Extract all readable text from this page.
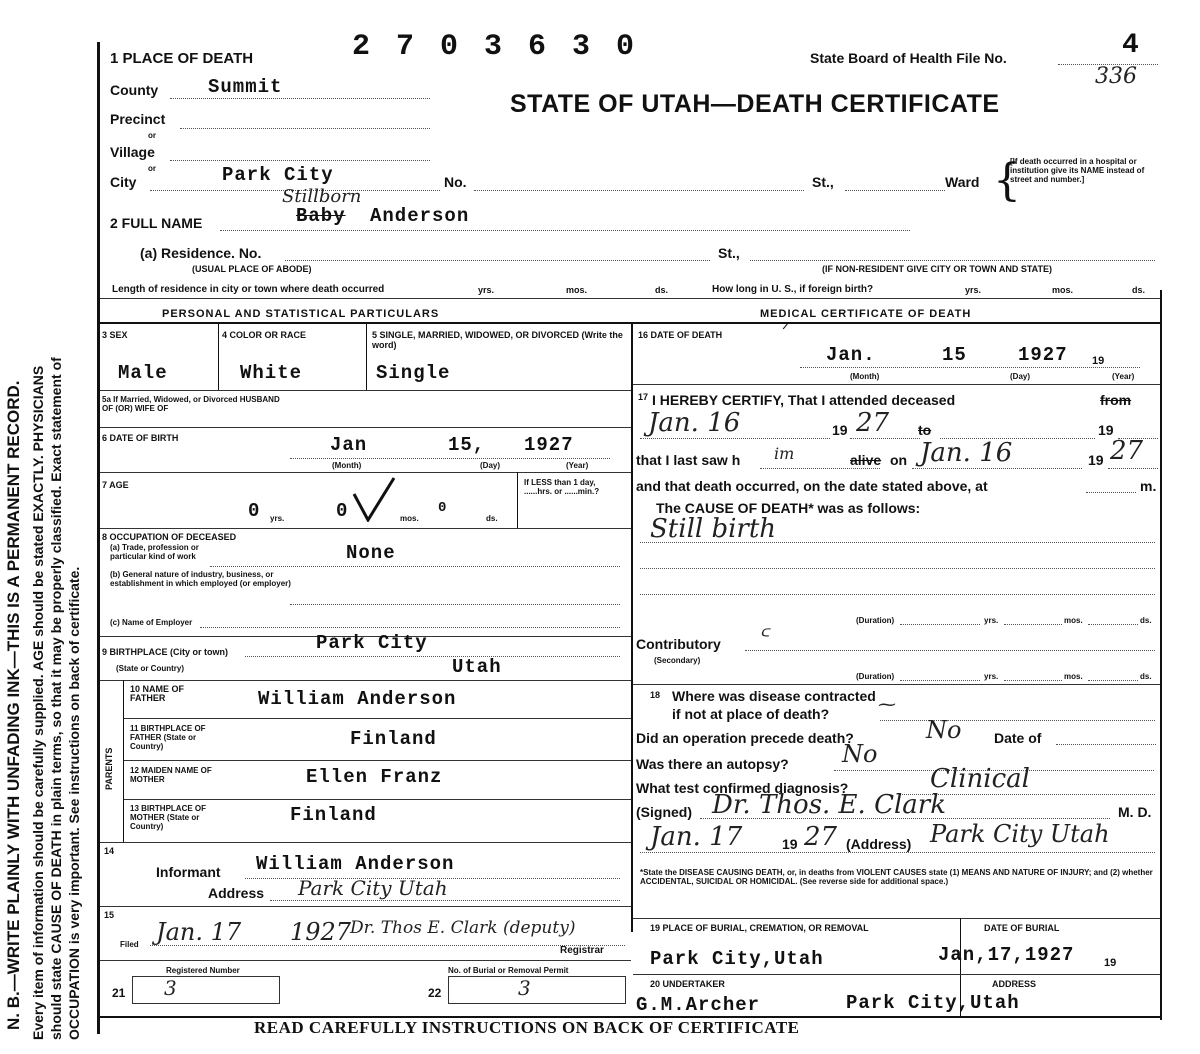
N. B.—WRITE PLAINLY WITH UNFADING INK—THIS IS A PERMANENT RECORD. Every item of information should be carefully supplied. AGE should be stated EXACTLY. PHYSICIANS should state CAUSE OF DEATH in plain terms, so that it may be properly classified. Exact statement of OCCUPATION is very important. See instructions on back of certificate.
1 PLACE OF DEATH	2 7 0 3 6 3 0	State Board of Health File No.	4
336
STATE OF UTAH—DEATH CERTIFICATE
County	Summit
Precinct
or
Village
or
City	Park City	No.	St.,	Ward {
[If death occurred in a hospital or institution give its NAME instead of street and number.]
2 FULL NAME
Stillborn
Baby Anderson
(a) Residence. No.	St.,
(USUAL PLACE OF ABODE)	(IF NON-RESIDENT GIVE CITY OR TOWN AND STATE)
Length of residence in city or town where death occurred	yrs.	mos.	ds.	How long in U. S., if foreign birth?	yrs.	mos.	ds.
PERSONAL AND STATISTICAL PARTICULARS	MEDICAL CERTIFICATE OF DEATH
3 SEX
Male
4 COLOR OR RACE
White
5 SINGLE, MARRIED, WIDOWED, OR DIVORCED (Write the word)
Single
5a If Married, Widowed, or Divorced HUSBAND OF (OR) WIFE OF
6 DATE OF BIRTH	Jan	15, 1927
(Month)	(Day)	(Year)
7 AGE	If LESS than 1 day, ......hrs. or ......min.?
0 yrs.	0	mos.
0
ds.
8 OCCUPATION OF DECEASED
(a) Trade, profession or particular kind of work	None
(b) General nature of industry, business, or establishment in which employed (or employer)
(c) Name of Employer
9 BIRTHPLACE (City or town)	Park City
(State or Country)	Utah
PARENTS
10 NAME OF FATHER	William Anderson
11 BIRTHPLACE OF FATHER (State or Country)	Finland
12 MAIDEN NAME OF MOTHER	Ellen Franz
13 BIRTHPLACE OF MOTHER (State or Country)
Finland
14
Informant William Anderson
Address Park City Utah
15
Filed Jan. 17 1927
Dr. Thos E. Clark (deputy)
Registrar
Registered Number	No. of Burial or Removal Permit
21 3	22	3
16 DATE OF DEATH	ᐟ
Jan.	15	1927 19
(Month)	(Day)	(Year)
17 I HEREBY CERTIFY, That I attended deceased	from
Jan. 16	19 27 to	19
that I last saw h im	alive on Jan. 16	19 27
and that death occurred, on the date stated above, at	m.
The CAUSE OF DEATH* was as follows:
Still birth
(Duration)	yrs.	mos.	ds.
Contributory ᒼ
(Secondary)
(Duration)	yrs.	mos.	ds.
18 Where was disease contracted
if not at place of death?	⁓
Did an operation precede death?	No Date of
Was there an autopsy? No
What test confirmed diagnosis?	Clinical
(Signed) Dr. Thos. E. Clark	M. D.
Jan. 17	19 27 (Address) Park City Utah
*State the DISEASE CAUSING DEATH, or, in deaths from VIOLENT CAUSES state (1) MEANS AND NATURE OF INJURY; and (2) whether ACCIDENTAL, SUICIDAL OR HOMICIDAL. (See reverse side for additional space.)
19 PLACE OF BURIAL, CREMATION, OR REMOVAL
Park City,Utah
DATE OF BURIAL
Jan,17,1927	19
20 UNDERTAKER	ADDRESS
G.M.Archer	Park City,Utah
READ CAREFULLY INSTRUCTIONS ON BACK OF CERTIFICATE
